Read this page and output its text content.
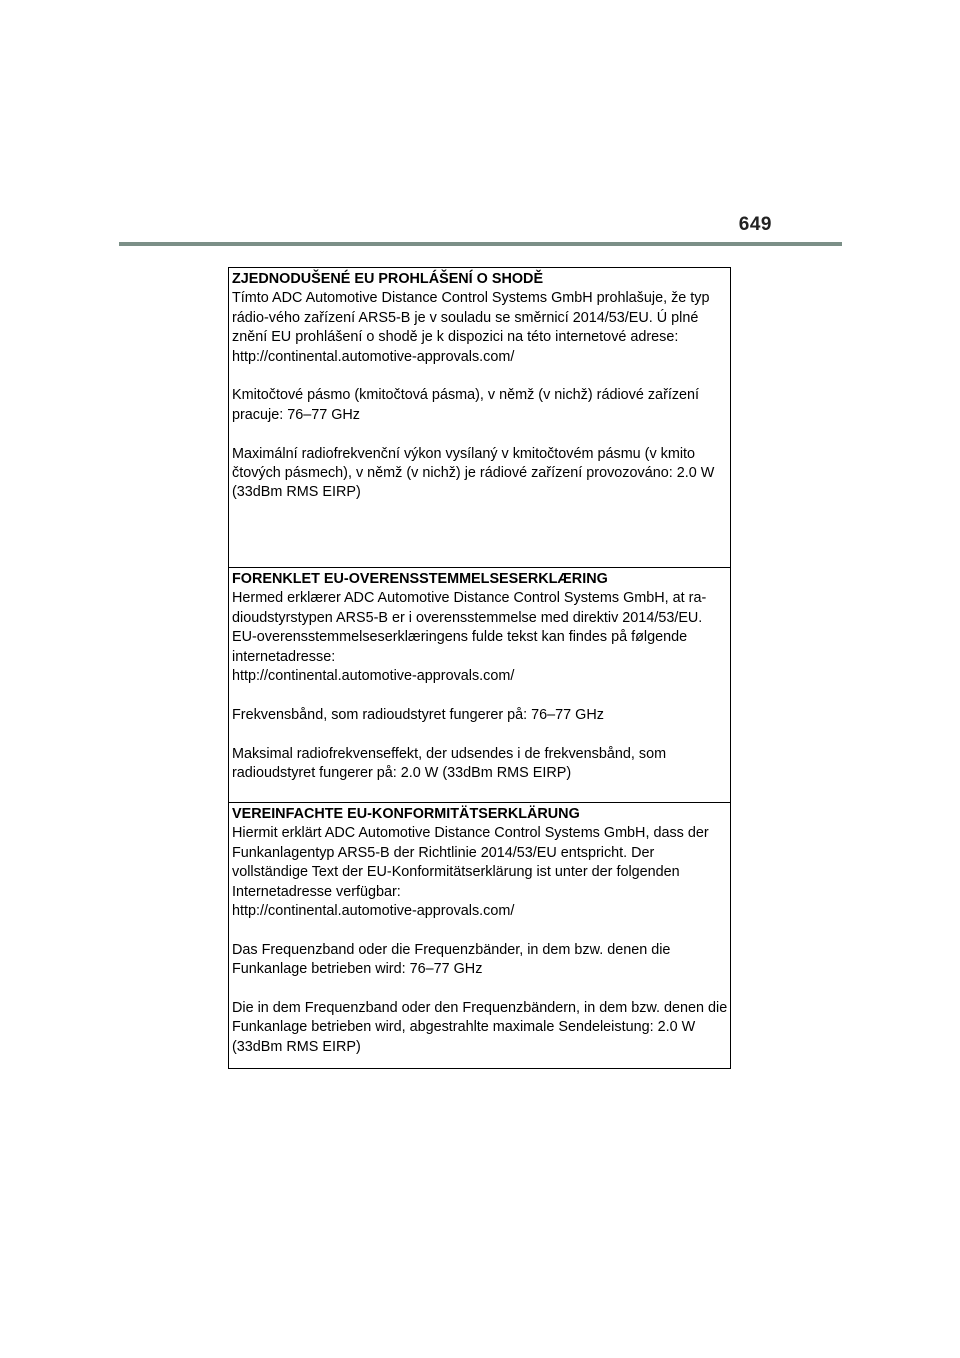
649
ZJEDNODUŠENÉ EU PROHLÁŠENÍ O SHODĚ
Tímto ADC Automotive Distance Control Systems GmbH prohlašuje, že typ rádio-vého zařízení ARS5-B je v souladu se směrnicí 2014/53/EU. Ú plné znění EU prohlášení o shodě je k dispozici na této internetové adrese:
http://continental.automotive-approvals.com/
Kmitočtové pásmo (kmitočtová pásma), v němž (v nichž) rádiové zařízení pracuje: 76–77 GHz
Maximální radiofrekvenční výkon vysílaný v kmitočtovém pásmu (v kmito čtových pásmech), v němž (v nichž) je rádiové zařízení provozováno: 2.0 W (33dBm RMS EIRP)
FORENKLET EU-OVERENSSTEMMELSESERKLÆRING
Hermed erklærer ADC Automotive Distance Control Systems GmbH, at ra-dioudstyrstypen ARS5-B er i overensstemmelse med direktiv 2014/53/EU. EU-overensstemmelseserklæringens fulde tekst kan findes på følgende internetadresse:
http://continental.automotive-approvals.com/
Frekvensbånd, som radioudstyret fungerer på: 76–77 GHz
Maksimal radiofrekvenseffekt, der udsendes i de frekvensbånd, som radioudstyret fungerer på: 2.0 W (33dBm RMS EIRP)
VEREINFACHTE EU-KONFORMITÄTSERKLÄRUNG
Hiermit erklärt ADC Automotive Distance Control Systems GmbH, dass der Funkanlagentyp ARS5-B der Richtlinie 2014/53/EU entspricht. Der vollständige Text der EU-Konformitätserklärung ist unter der folgenden Internetadresse verfügbar:
http://continental.automotive-approvals.com/
Das Frequenzband oder die Frequenzbänder, in dem bzw. denen die Funkanlage betrieben wird: 76–77 GHz
Die in dem Frequenzband oder den Frequenzbändern, in dem bzw. denen die Funkanlage betrieben wird, abgestrahlte maximale Sendeleistung: 2.0 W (33dBm RMS EIRP)
